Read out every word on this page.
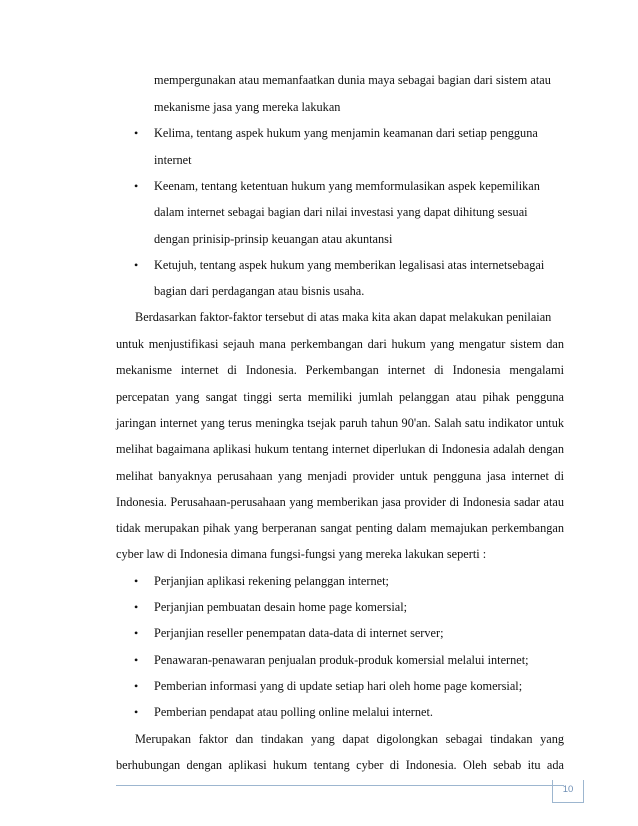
mempergunakan atau memanfaatkan dunia maya sebagai bagian dari sistem atau
mekanisme jasa yang mereka lakukan
• Kelima, tentang aspek hukum yang menjamin keamanan dari setiap pengguna
internet
• Keenam, tentang ketentuan hukum yang memformulasikan aspek kepemilikan
dalam internet sebagai bagian dari nilai investasi yang dapat dihitung sesuai
dengan prinisip-prinsip keuangan atau akuntansi
• Ketujuh, tentang aspek hukum yang memberikan legalisasi atas internetsebagai
bagian dari perdagangan atau bisnis usaha.
Berdasarkan faktor-faktor tersebut di atas maka kita akan dapat melakukan penilaian
untuk menjustifikasi sejauh mana perkembangan dari hukum yang mengatur sistem dan
mekanisme internet di Indonesia. Perkembangan internet di Indonesia mengalami
percepatan yang sangat tinggi serta memiliki jumlah pelanggan atau pihak pengguna
jaringan internet yang terus meningka tsejak paruh tahun 90'an. Salah satu indikator untuk
melihat bagaimana aplikasi hukum tentang internet diperlukan di Indonesia adalah dengan
melihat banyaknya perusahaan yang menjadi provider untuk pengguna jasa internet di
Indonesia. Perusahaan-perusahaan yang memberikan jasa provider di Indonesia sadar atau
tidak merupakan pihak yang berperanan sangat penting dalam memajukan perkembangan
cyber law di Indonesia dimana fungsi-fungsi yang mereka lakukan seperti :
• Perjanjian aplikasi rekening pelanggan internet;
• Perjanjian pembuatan desain home page komersial;
• Perjanjian reseller penempatan data-data di internet server;
• Penawaran-penawaran penjualan produk-produk komersial melalui internet;
• Pemberian informasi yang di update setiap hari oleh home page komersial;
• Pemberian pendapat atau polling online melalui internet.
Merupakan faktor dan tindakan yang dapat digolongkan sebagai tindakan yang
berhubungan dengan aplikasi hukum tentang cyber di Indonesia. Oleh sebab itu ada
10
